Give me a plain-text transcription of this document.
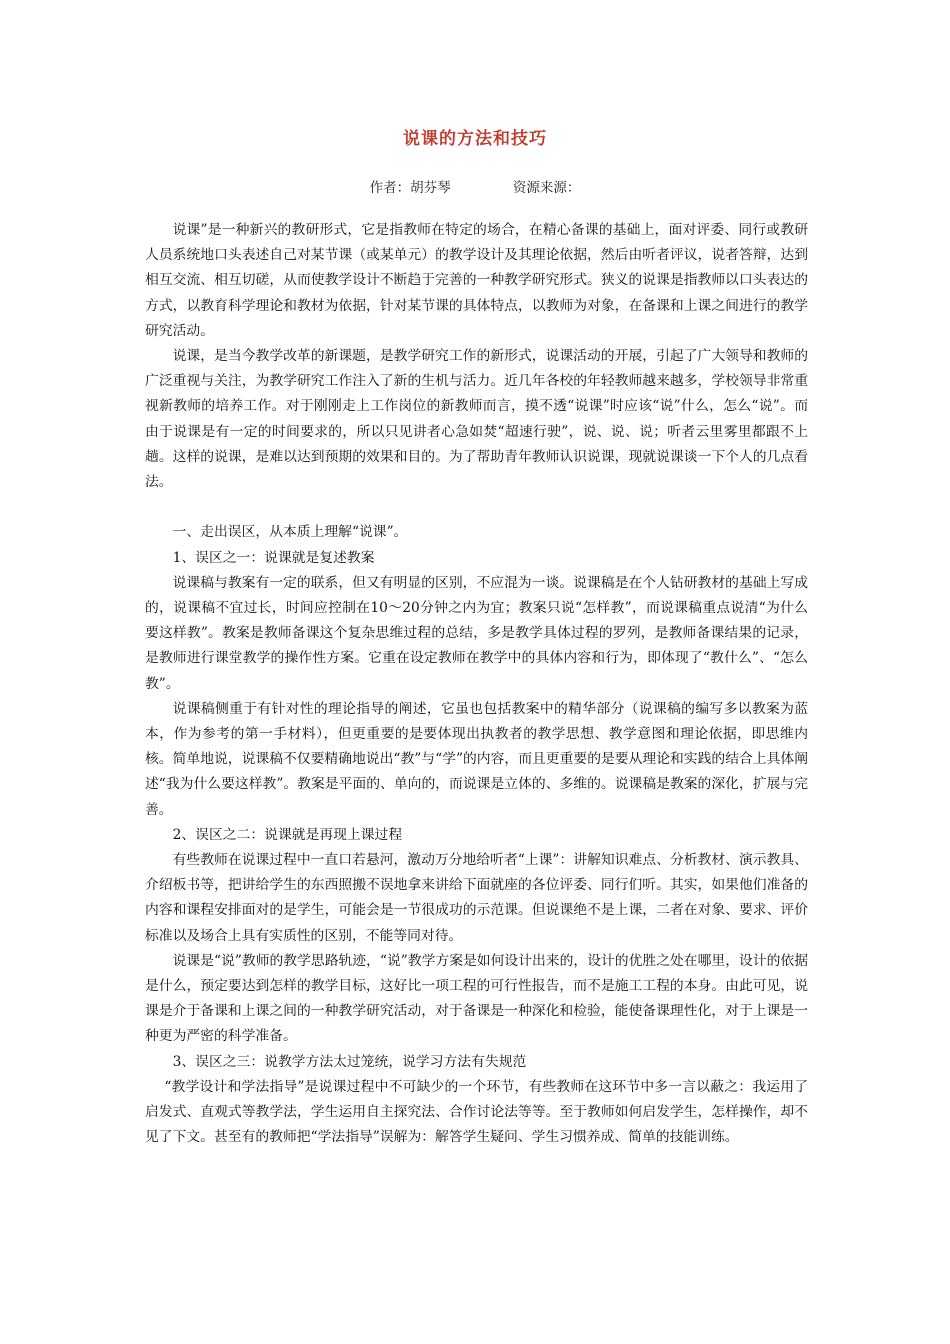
说课的方法和技巧
作者：胡芬琴	资源来源：

说课”是一种新兴的教研形式，它是指教师在特定的场合，在精心备课的基础上，面对评委、同行或教研人员系统地口头表述自己对某节课（或某单元）的教学设计及其理论依据，然后由听者评议，说者答辩，达到相互交流、相互切磋，从而使教学设计不断趋于完善的一种教学研究形式。狭义的说课是指教师以口头表达的方式，以教育科学理论和教材为依据，针对某节课的具体特点，以教师为对象，在备课和上课之间进行的教学研究活动。

说课，是当今教学改革的新课题，是教学研究工作的新形式，说课活动的开展，引起了广大领导和教师的广泛重视与关注，为教学研究工作注入了新的生机与活力。近几年各校的年轻教师越来越多，学校领导非常重视新教师的培养工作。对于刚刚走上工作岗位的新教师而言，摸不透“说课”时应该“说”什么，怎么“说”。而由于说课是有一定的时间要求的，所以只见讲者心急如焚“超速行驶”，说、说、说；听者云里雾里都跟不上趟。这样的说课，是难以达到预期的效果和目的。为了帮助青年教师认识说课，现就说课谈一下个人的几点看法。

一、走出误区，从本质上理解“说课”。

1、误区之一：说课就是复述教案

说课稿与教案有一定的联系，但又有明显的区别，不应混为一谈。说课稿是在个人钻研教材的基础上写成的，说课稿不宜过长，时间应控制在10～20分钟之内为宜；教案只说“怎样教”，而说课稿重点说清“为什么要这样教”。教案是教师备课这个复杂思维过程的总结，多是教学具体过程的罗列，是教师备课结果的记录，是教师进行课堂教学的操作性方案。它重在设定教师在教学中的具体内容和行为，即体现了“教什么”、“怎么教”。

说课稿侧重于有针对性的理论指导的阐述，它虽也包括教案中的精华部分（说课稿的编写多以教案为蓝本，作为参考的第一手材料），但更重要的是要体现出执教者的教学思想、教学意图和理论依据，即思维内核。简单地说，说课稿不仅要精确地说出“教”与“学”的内容，而且更重要的是要从理论和实践的结合上具体阐述“我为什么要这样教”。教案是平面的、单向的，而说课是立体的、多维的。说课稿是教案的深化，扩展与完善。

2、误区之二：说课就是再现上课过程

有些教师在说课过程中一直口若悬河，激动万分地给听者“上课”：讲解知识难点、分析教材、演示教具、介绍板书等，把讲给学生的东西照搬不误地拿来讲给下面就座的各位评委、同行们听。其实，如果他们准备的内容和课程安排面对的是学生，可能会是一节很成功的示范课。但说课绝不是上课，二者在对象、要求、评价标准以及场合上具有实质性的区别，不能等同对待。

说课是“说”教师的教学思路轨迹，“说”教学方案是如何设计出来的，设计的优胜之处在哪里，设计的依据是什么，预定要达到怎样的教学目标，这好比一项工程的可行性报告，而不是施工工程的本身。由此可见，说课是介于备课和上课之间的一种教学研究活动，对于备课是一种深化和检验，能使备课理性化，对于上课是一种更为严密的科学准备。

3、误区之三：说教学方法太过笼统，说学习方法有失规范

“教学设计和学法指导”是说课过程中不可缺少的一个环节，有些教师在这环节中多一言以蔽之：我运用了启发式、直观式等教学法，学生运用自主探究法、合作讨论法等等。至于教师如何启发学生，怎样操作，却不见了下文。甚至有的教师把“学法指导”误解为：解答学生疑问、学生习惯养成、简单的技能训练。
